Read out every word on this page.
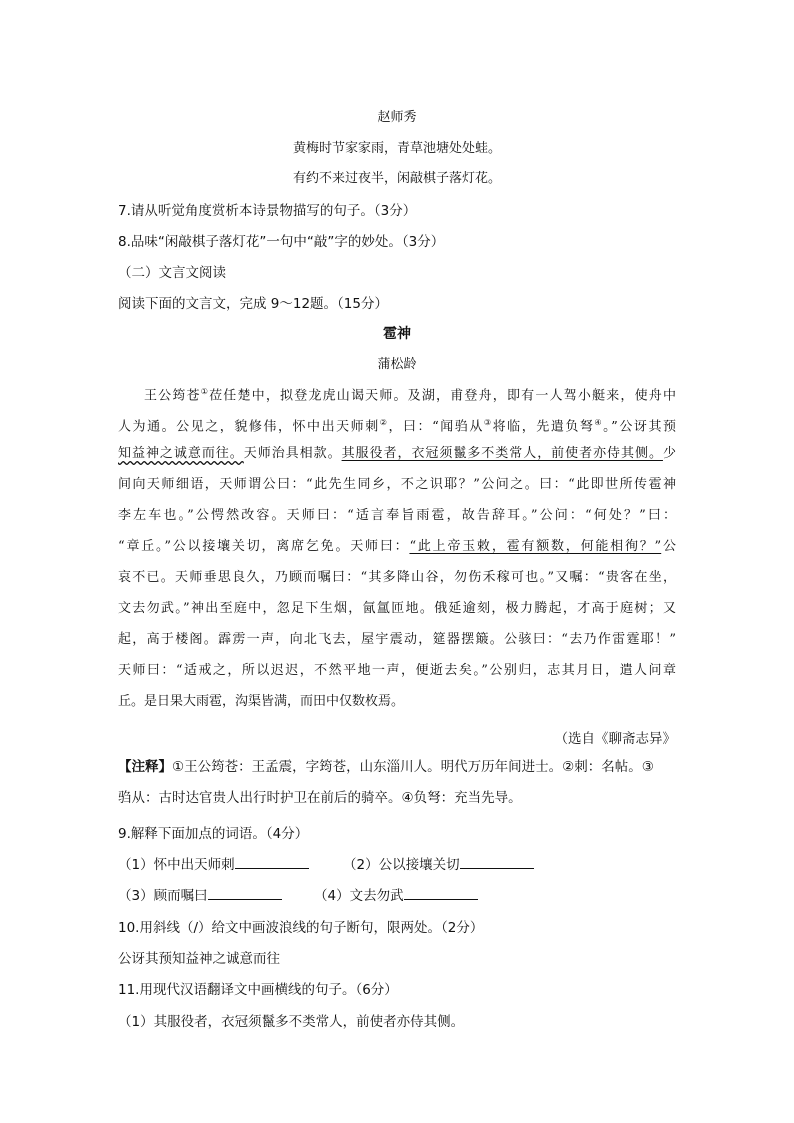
赵师秀
黄梅时节家家雨，青草池塘处处蛙。
有约不来过夜半，闲敲棋子落灯花。
7.请从听觉角度赏析本诗景物描写的句子。（3分）
8.品味“闲敲棋子落灯花”一句中“敲”字的妙处。（3分）
（二）文言文阅读
阅读下面的文言文，完成 9～12题。（15分）
雹神
蒲松龄
王公筠苍①莅任楚中，拟登龙虎山谒天师。及湖，甫登舟，即有一人驾小艇来，使舟中
人为通。公见之，貌修伟，怀中出天师刺②，曰：“闻驺从③将临，先遣负弩④。”公讶其预
知益神之诚意而往。天师治具相款。其服役者，衣冠须鬣多不类常人，前使者亦侍其侧。少
间向天师细语，天师谓公曰：“此先生同乡，不之识耶？”公问之。曰：“此即世所传雹神
李左车也。”公愕然改容。天师曰：“适言奉旨雨雹，故告辞耳。”公问：“何处？”曰：
“章丘。”公以接壤关切，离席乞免。天师曰：“此上帝玉敕，雹有额数，何能相徇？”公
哀不已。天师垂思良久，乃顾而嘱曰：“其多降山谷，勿伤禾稼可也。”又嘱：“贵客在坐，
文去勿武。”神出至庭中，忽足下生烟，氤氲匝地。俄延逾刻，极力腾起，才高于庭树；又
起，高于楼阁。霹雳一声，向北飞去，屋宇震动，筵器摆簸。公骇曰：“去乃作雷霆耶！”
天师曰：“适戒之，所以迟迟，不然平地一声，便逝去矣。”公别归，志其月日，遣人问章
丘。是日果大雨雹，沟渠皆满，而田中仅数枚焉。
（选自《聊斋志异》
【注释】①王公筠苍：王孟震，字筠苍，山东淄川人。明代万历年间进士。②刺：名帖。③
驺从：古时达官贵人出行时护卫在前后的骑卒。④负弩：充当先导。
9.解释下面加点的词语。（4分）
（1）怀中出天师刺	（2）公以接壤关切
（3）顾而嘱曰	（4）文去勿武
10.用斜线（/）给文中画波浪线的句子断句，限两处。（2分）
公讶其预知益神之诚意而往
11.用现代汉语翻译文中画横线的句子。（6分）
（1）其服役者，衣冠须鬣多不类常人，前使者亦侍其侧。
